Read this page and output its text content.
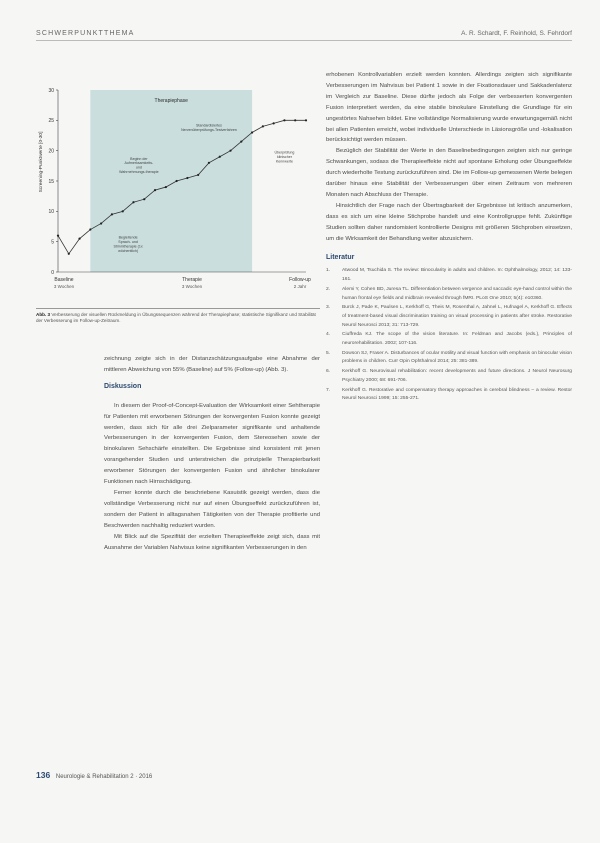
SCHWERPUNKTTHEMA	A. R. Schardt, F. Reinhold, S. Fehrdorf
Therapiephase
0
5
10
15
20
25
30
Screening-Punktwerte [0-30]
Baseline
3 Wochen
Therapie
3 Wochen
Follow-up
2 Jahr
Beginn der Aufmerksamkeits-und Wahrnehmungs-therapie
Standardisiertes Nervenüberprüfungs-Testverfahren
Überprüfung klinischer Kennwerte
Begleitende Sprach- und Stimmtherapie (1x wöchentlich)
Abb. 3 Verbesserung der visuellen Rückmeldung in Übungssequenzen während der Therapiephase; statistische Signifikanz und Stabilität der Verbesserung im Follow-up-Zeitraum.

zeichnung zeigte sich in der Distanzschätzungsaufgabe eine Abnahme der mittleren Abweichung von 55% (Baseline) auf 5% (Follow-up) (Abb. 3).

Diskussion

In diesem der Proof-of-Concept-Evaluation der Wirksamkeit einer Sehtherapie für Patienten mit erworbenen Störungen der konvergenten Fusion konnte gezeigt werden, dass sich für alle drei Zielparameter signifikante und anhaltende Verbesserungen in der konvergenten Fusion, dem Stereosehen sowie der binokularen Sehschärfe einstellten. Die Ergebnisse sind konsistent mit jenen vorangehender Studien und unterstreichen die prinzipielle Therapierbarkeit erworbener Störungen der konvergenten Fusion und ähnlicher binokularer Funktionen nach Hirnschädigung.

Ferner konnte durch die beschriebene Kasuistik gezeigt werden, dass die vollständige Verbesserung nicht nur auf einen Übungseffekt zurückzuführen ist, sondern der Patient in alltagsnahen Tätigkeiten von der Therapie profitierte und Beschwerden nachhaltig reduziert wurden.

Mit Blick auf die Spezifität der erzielten Therapieeffekte zeigt sich, dass mit Ausnahme der Variablen Nahvisus keine signifikanten Verbesserungen in den

erhobenen Kontrollvariablen erzielt werden konnten. Allerdings zeigten sich signifikante Verbesserungen im Nahvisus bei Patient 1 sowie in der Fixationsdauer und Sakkadenlatenz im Vergleich zur Baseline. Diese dürfte jedoch als Folge der verbesserten konvergenten Fusion interpretiert werden, da eine stabile binokulare Einstellung die Grundlage für ein ungestörtes Nahsehen bildet. Eine vollständige Normalisierung wurde erwartungsgemäß nicht bei allen Patienten erreicht, wobei individuelle Unterschiede in Läsionsgröße und -lokalisation berücksichtigt werden müssen.

Bezüglich der Stabilität der Werte in den Baselinebedingungen zeigten sich nur geringe Schwankungen, sodass die Therapieeffekte nicht auf spontane Erholung oder Übungseffekte durch wiederholte Testung zurückzuführen sind. Die im Follow-up gemessenen Werte belegen darüber hinaus eine Stabilität der Verbesserungen über einen Zeitraum von mehreren Monaten nach Abschluss der Therapie.

Hinsichtlich der Frage nach der Übertragbarkeit der Ergebnisse ist kritisch anzumerken, dass es sich um eine kleine Stichprobe handelt und eine Kontrollgruppe fehlt. Zukünftige Studien sollten daher randomisiert kontrollierte Designs mit größeren Stichproben einsetzen, um die Wirksamkeit der Behandlung weiter abzusichern.

Literatur
1. Atwood M, Tsuchida S. The review: Binocularity in adults and children. In: Ophthalmology, 2012; 14: 133-161.
2. Alemi Y, Cohen BD, Juresa TL. Differentiation between vergence and saccadic eye-hand control within the human frontal eye fields and midbrain revealed through fMRI. PLoS One 2010; 5(4): e10360.
3. Burck J, Pade K, Paulsen L, Kerkhoff G, Theis M, Rosenthal A, Jahnel L, Hufnagel A, Kerkhoff G. Effects of treatment-based visual discrimination training on visual processing in patients after stroke. Restorative Neurol Neurosci 2013; 31: 713-729.
4. Ciuffreda KJ. The scope of the vision literature. In: Feldman and Jacobs (eds.), Principles of neurorehabilitation. 2002; 107-116.
5. Dowson SJ, Fraser A. Disturbances of ocular motility and visual function with emphasis on binocular vision problems in children. Curr Opin Ophthalmol 2014; 25: 381-389.
6. Kerkhoff G. Neurovisual rehabilitation: recent developments and future directions. J Neurol Neurosurg Psychiatry 2000; 68: 691-706.
7. Kerkhoff G. Restorative and compensatory therapy approaches in cerebral blindness – a review. Restor Neurol Neurosci 1999; 15: 255-271.
136 Neurologie & Rehabilitation 2 · 2016
